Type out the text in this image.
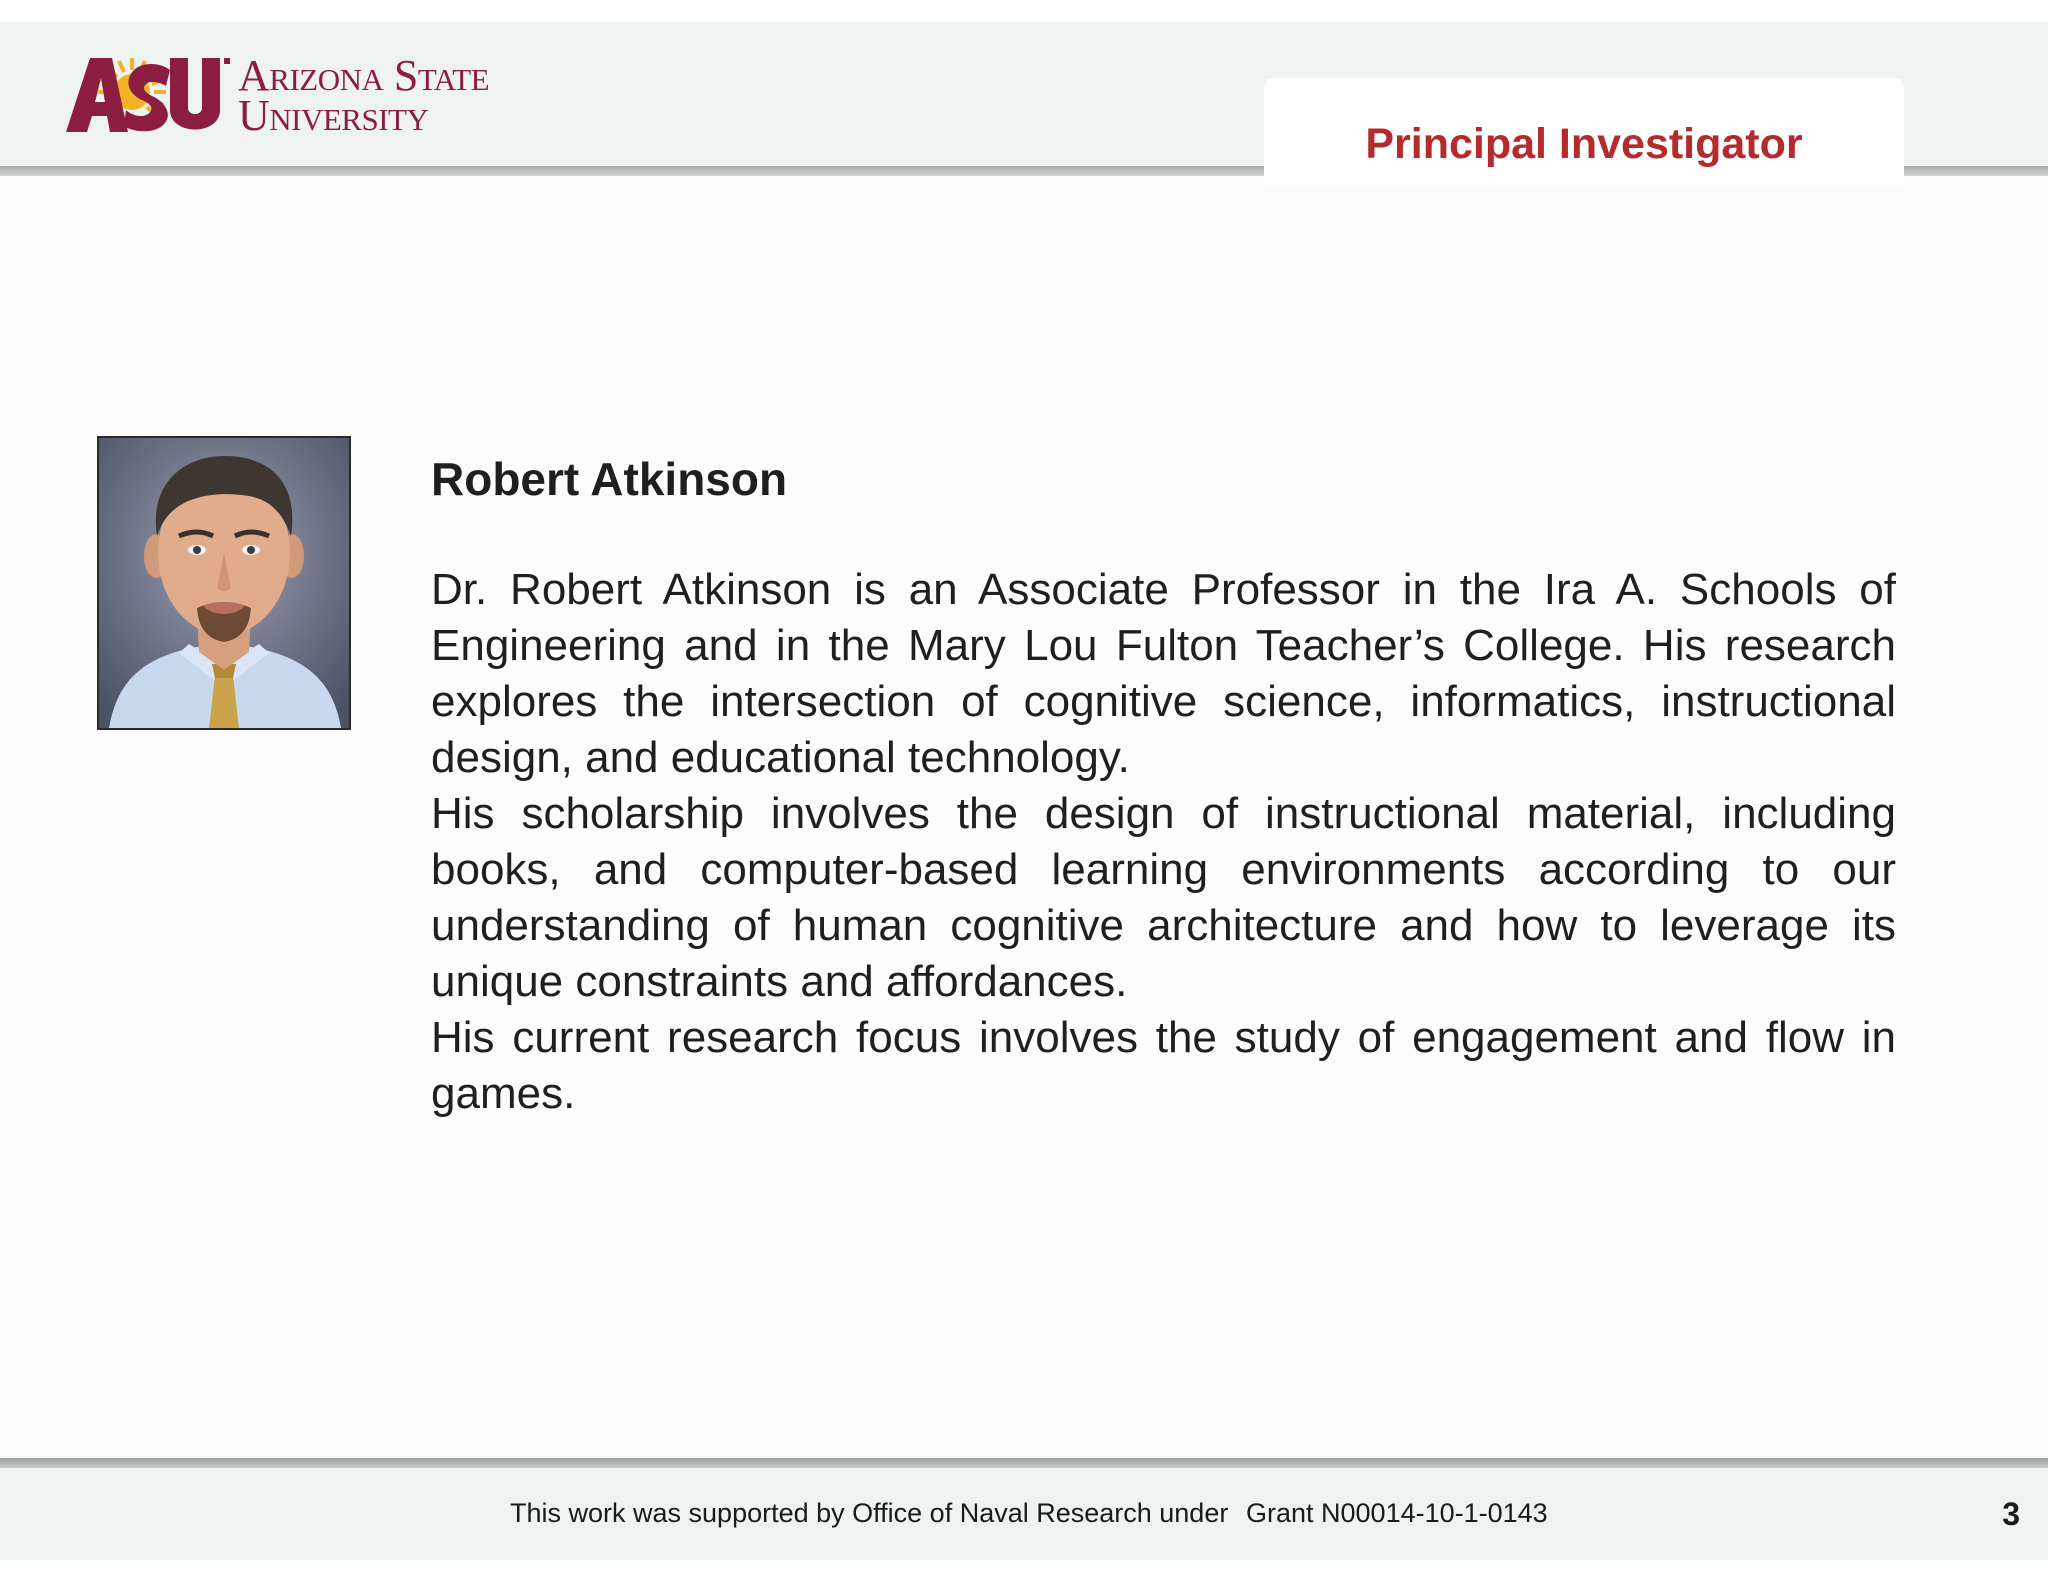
Arizona State
University
Principal Investigator
Robert Atkinson

Dr. Robert Atkinson is an Associate Professor in the Ira A. Schools of Engineering and in the Mary Lou Fulton Teacher’s College. His research explores the intersection of cognitive science, informatics, instructional design, and educational technology.

His scholarship involves the design of instructional material, including books, and computer-based learning environments according to our understanding of human cognitive architecture and how to leverage its unique constraints and affordances.

His current research focus involves the study of engagement and flow in games.

This work was supported by Office of Naval Research under Grant N00014-10-1-0143	3
